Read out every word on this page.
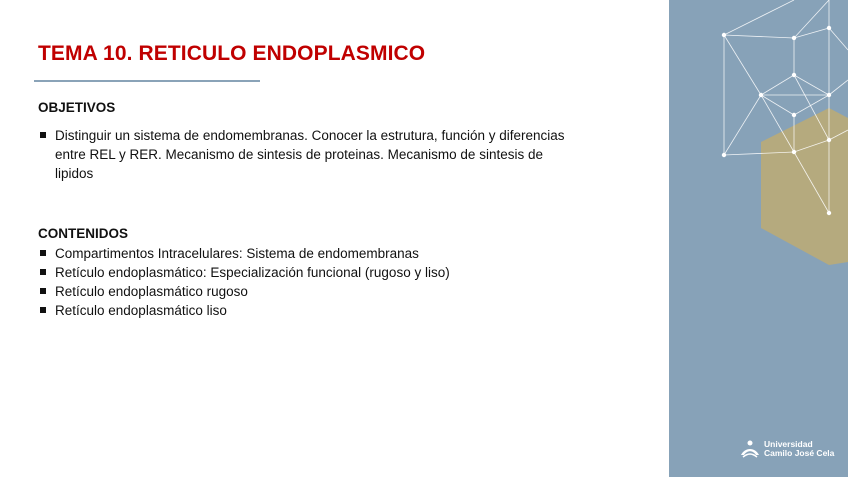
TEMA 10. RETICULO ENDOPLASMICO
OBJETIVOS
Distinguir un sistema de endomembranas. Conocer la estrutura, función y diferencias entre REL y RER. Mecanismo de sintesis de proteinas. Mecanismo de sintesis de lipidos
CONTENIDOS
Compartimentos Intracelulares: Sistema de endomembranas
Retículo endoplasmático: Especialización funcional (rugoso y liso)
Retículo endoplasmático rugoso
Retículo endoplasmático liso
Universidad
Camilo José Cela
